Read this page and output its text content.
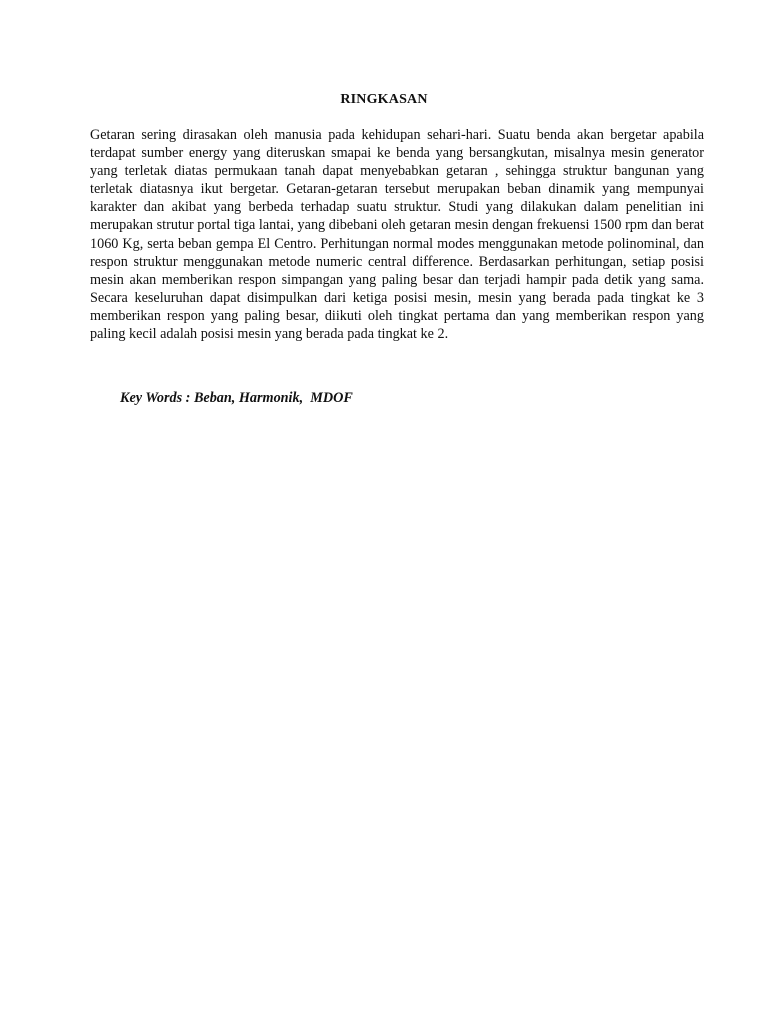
RINGKASAN

Getaran sering dirasakan oleh manusia pada kehidupan sehari-hari. Suatu benda akan bergetar apabila terdapat sumber energy yang diteruskan smapai ke benda yang bersangkutan, misalnya mesin generator yang terletak diatas permukaan tanah dapat menyebabkan getaran , sehingga struktur bangunan yang terletak diatasnya ikut bergetar. Getaran-getaran tersebut merupakan beban dinamik yang mempunyai karakter dan akibat yang berbeda terhadap suatu struktur. Studi yang dilakukan dalam penelitian ini merupakan strutur portal tiga lantai, yang dibebani oleh getaran mesin dengan frekuensi 1500 rpm dan berat 1060 Kg, serta beban gempa El Centro. Perhitungan normal modes menggunakan metode polinominal, dan respon struktur menggunakan metode numeric central difference. Berdasarkan perhitungan, setiap posisi mesin akan memberikan respon simpangan yang paling besar dan terjadi hampir pada detik yang sama. Secara keseluruhan dapat disimpulkan dari ketiga posisi mesin, mesin yang berada pada tingkat ke 3 memberikan respon yang paling besar, diikuti oleh tingkat pertama dan yang memberikan respon yang paling kecil adalah posisi mesin yang berada pada tingkat ke 2.

Key Words : Beban, Harmonik,  MDOF
